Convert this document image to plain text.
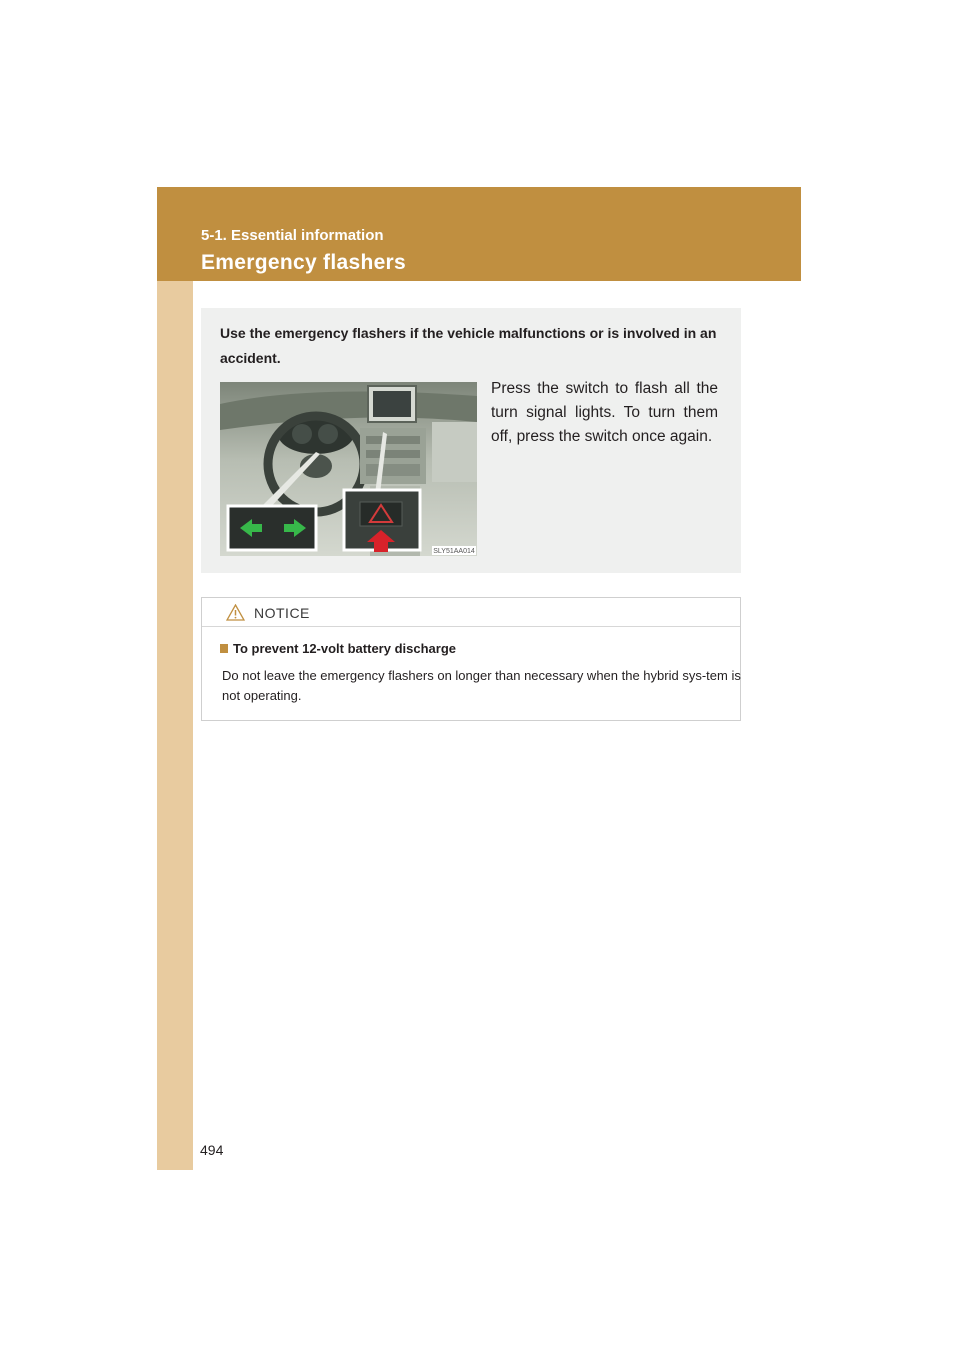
5-1. Essential information
Emergency flashers
Use the emergency flashers if the vehicle malfunctions or is involved in an accident.
SLY51AA014
Press the switch to flash all the turn signal lights. To turn them off, press the switch once again.
NOTICE
To prevent 12-volt battery discharge
Do not leave the emergency flashers on longer than necessary when the hybrid sys-tem is not operating.
494
